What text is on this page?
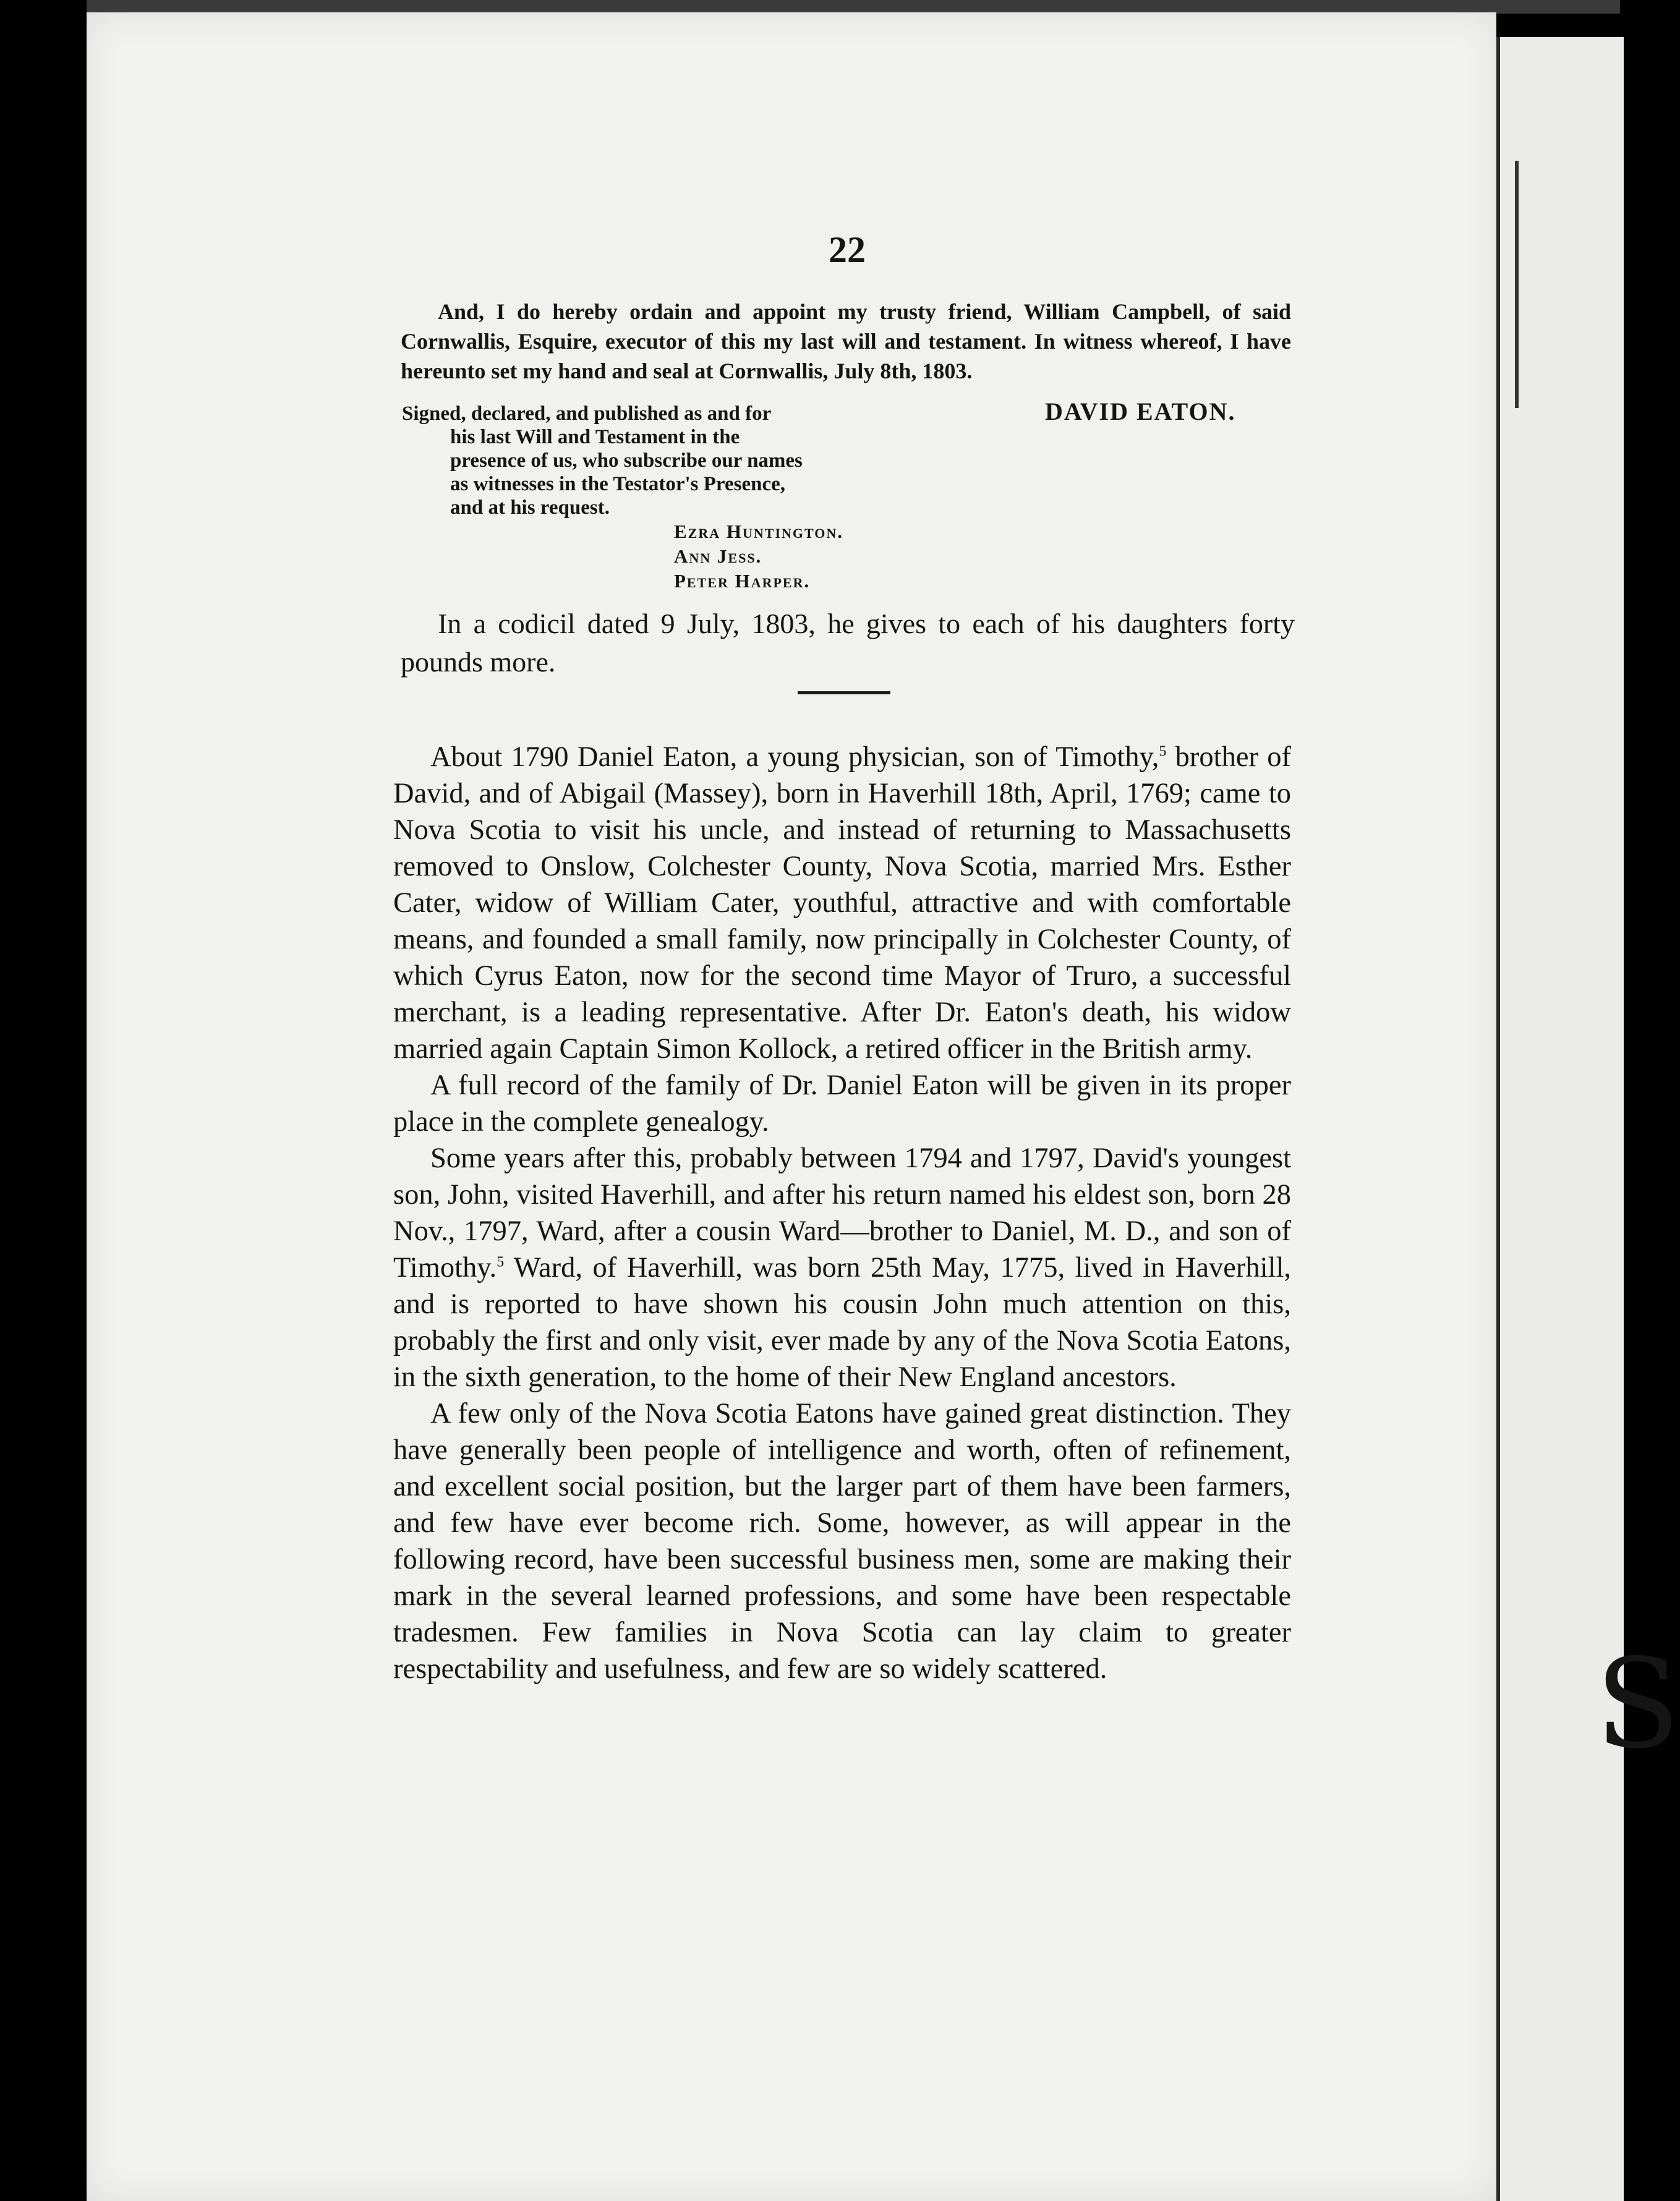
S
22
And, I do hereby ordain and appoint my trusty friend, William Campbell, of said Cornwallis, Esquire, executor of this my last will and testament. In witness whereof, I have hereunto set my hand and seal at Cornwallis, July 8th, 1803.
Signed, declared, and published as and for
his last Will and Testament in the
presence of us, who subscribe our names
as witnesses in the Testator's Presence,
and at his request.
DAVID EATON.
Ezra Huntington.
Ann Jess.
Peter Harper.
In a codicil dated 9 July, 1803, he gives to each of his daughters forty pounds more.

About 1790 Daniel Eaton, a young physician, son of Timothy,$^5$ brother of David, and of Abigail (Massey), born in Haverhill 18th, April, 1769; came to Nova Scotia to visit his uncle, and instead of returning to Massachusetts removed to Onslow, Colchester County, Nova Scotia, married Mrs. Esther Cater, widow of William Cater, youthful, attractive and with comfortable means, and founded a small family, now principally in Colchester County, of which Cyrus Eaton, now for the second time Mayor of Truro, a successful merchant, is a leading representative. After Dr. Eaton's death, his widow married again Captain Simon Kollock, a retired officer in the British army.

A full record of the family of Dr. Daniel Eaton will be given in its proper place in the complete genealogy.

Some years after this, probably between 1794 and 1797, David's youngest son, John, visited Haverhill, and after his return named his eldest son, born 28 Nov., 1797, Ward, after a cousin Ward—brother to Daniel, M. D., and son of Timothy.$^5$ Ward, of Haverhill, was born 25th May, 1775, lived in Haverhill, and is reported to have shown his cousin John much attention on this, probably the first and only visit, ever made by any of the Nova Scotia Eatons, in the sixth generation, to the home of their New England ancestors.

A few only of the Nova Scotia Eatons have gained great distinction. They have generally been people of intelligence and worth, often of refinement, and excellent social position, but the larger part of them have been farmers, and few have ever become rich. Some, however, as will appear in the following record, have been successful business men, some are making their mark in the several learned professions, and some have been respectable tradesmen. Few families in Nova Scotia can lay claim to greater respectability and usefulness, and few are so widely scattered.
